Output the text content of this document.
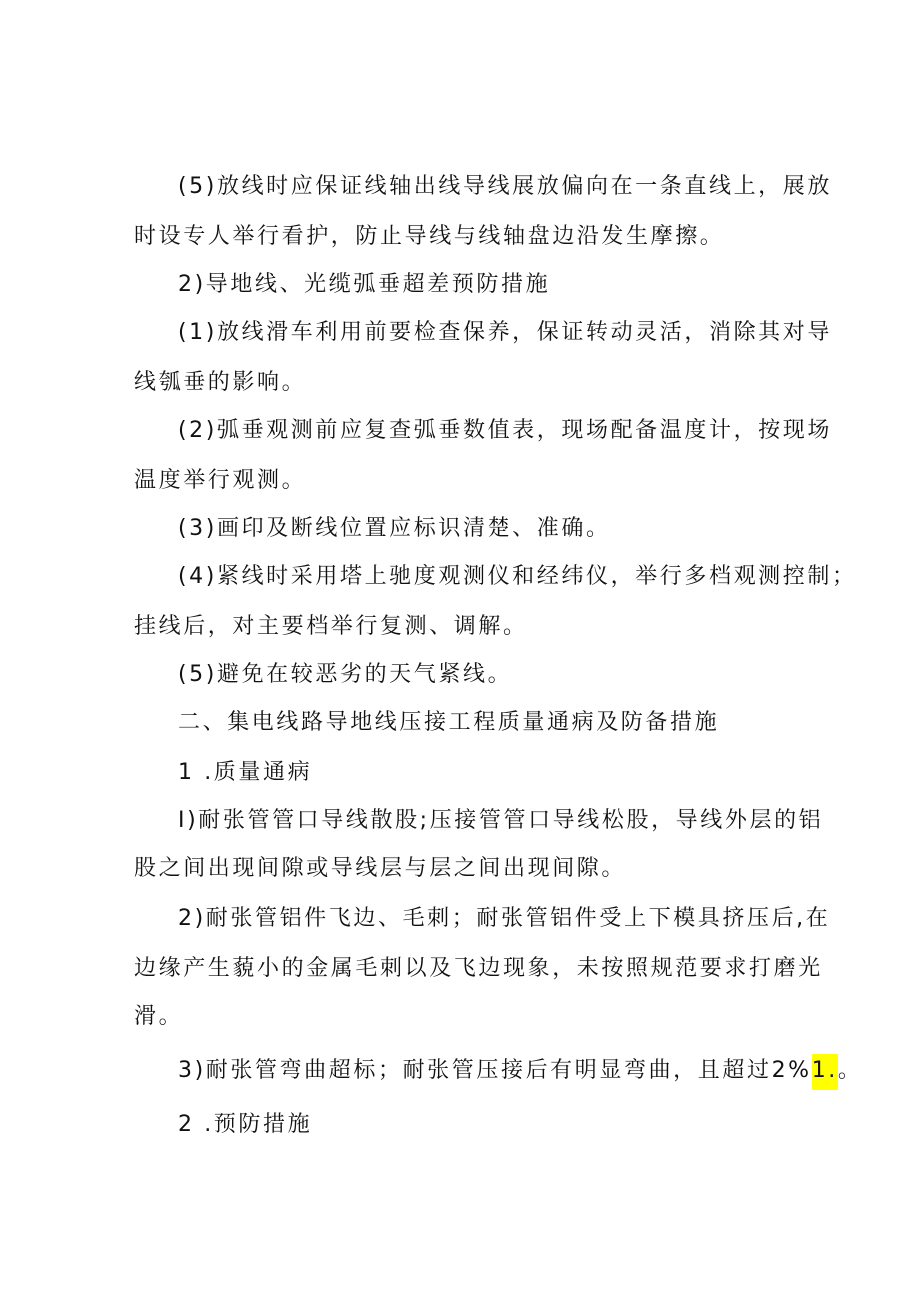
(5)放线时应保证线轴出线导线展放偏向在一条直线上，展放
时设专人举行看护，防止导线与线轴盘边沿发生摩擦。
2)导地线、光缆弧垂超差预防措施
(1)放线滑车利用前要检查保养，保证转动灵活，消除其对导
线瓠垂的影响。
(2)弧垂观测前应复查弧垂数值表，现场配备温度计，按现场
温度举行观测。
(3)画印及断线位置应标识清楚、准确。
(4)紧线时采用塔上驰度观测仪和经纬仪，举行多档观测控制；
挂线后，对主要档举行复测、调解。
(5)避免在较恶劣的天气紧线。
二、集电线路导地线压接工程质量通病及防备措施
1 .质量通病
I)耐张管管口导线散股;压接管管口导线松股，导线外层的铝
股之间出现间隙或导线层与层之间出现间隙。
2)耐张管铝件飞边、毛刺；耐张管铝件受上下模具挤压后,在
边缘产生藐小的金属毛刺以及飞边现象，未按照规范要求打磨光
滑。
3)耐张管弯曲超标；耐张管压接后有明显弯曲，且超过2%1.。
2 .预防措施
